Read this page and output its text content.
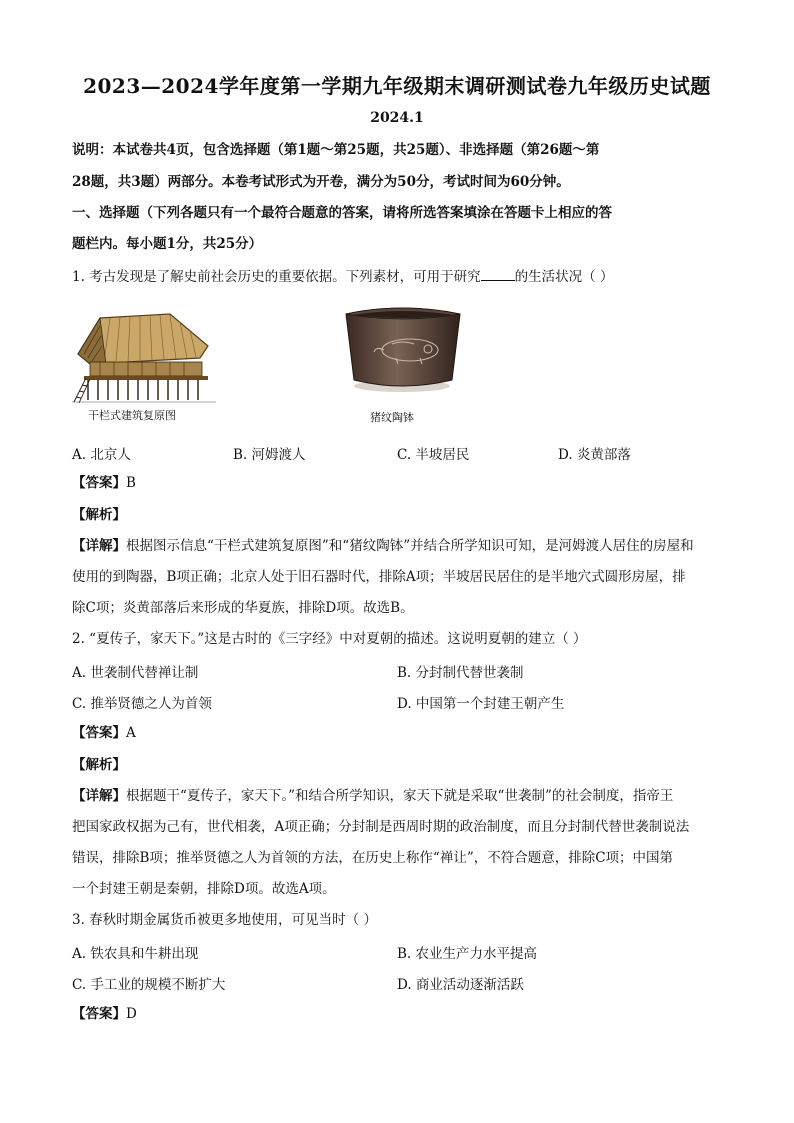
2023—2024学年度第一学期九年级期末调研测试卷九年级历史试题
2024.1
说明：本试卷共4页，包含选择题（第1题～第25题，共25题）、非选择题（第26题～第
28题，共3题）两部分。本卷考试形式为开卷，满分为50分，考试时间为60分钟。
一、选择题（下列各题只有一个最符合题意的答案，请将所选答案填涂在答题卡上相应的答
题栏内。每小题1分，共25分）
1. 考古发现是了解史前社会历史的重要依据。下列素材，可用于研究	的生活状况（ ）
干栏式建筑复原图	猪纹陶钵
A. 北京人	B. 河姆渡人	C. 半坡居民	D. 炎黄部落
【答案】B
【解析】
【详解】根据图示信息“干栏式建筑复原图”和“猪纹陶钵”并结合所学知识可知，是河姆渡人居住的房屋和
使用的到陶器，B项正确；北京人处于旧石器时代，排除A项；半坡居民居住的是半地穴式圆形房屋，排
除C项；炎黄部落后来形成的华夏族，排除D项。故选B。
2. “夏传子，家天下。”这是古时的《三字经》中对夏朝的描述。这说明夏朝的建立（ ）
A. 世袭制代替禅让制	B. 分封制代替世袭制
C. 推举贤德之人为首领	D. 中国第一个封建王朝产生
【答案】A
【解析】
【详解】根据题干“夏传子，家天下。”和结合所学知识，家天下就是采取“世袭制”的社会制度，指帝王
把国家政权据为己有，世代相袭，A项正确；分封制是西周时期的政治制度，而且分封制代替世袭制说法
错误，排除B项；推举贤德之人为首领的方法，在历史上称作“禅让”，不符合题意，排除C项；中国第
一个封建王朝是秦朝，排除D项。故选A项。
3. 春秋时期金属货币被更多地使用，可见当时（ ）
A. 铁农具和牛耕出现	B. 农业生产力水平提高
C. 手工业的规模不断扩大	D. 商业活动逐渐活跃
【答案】D
